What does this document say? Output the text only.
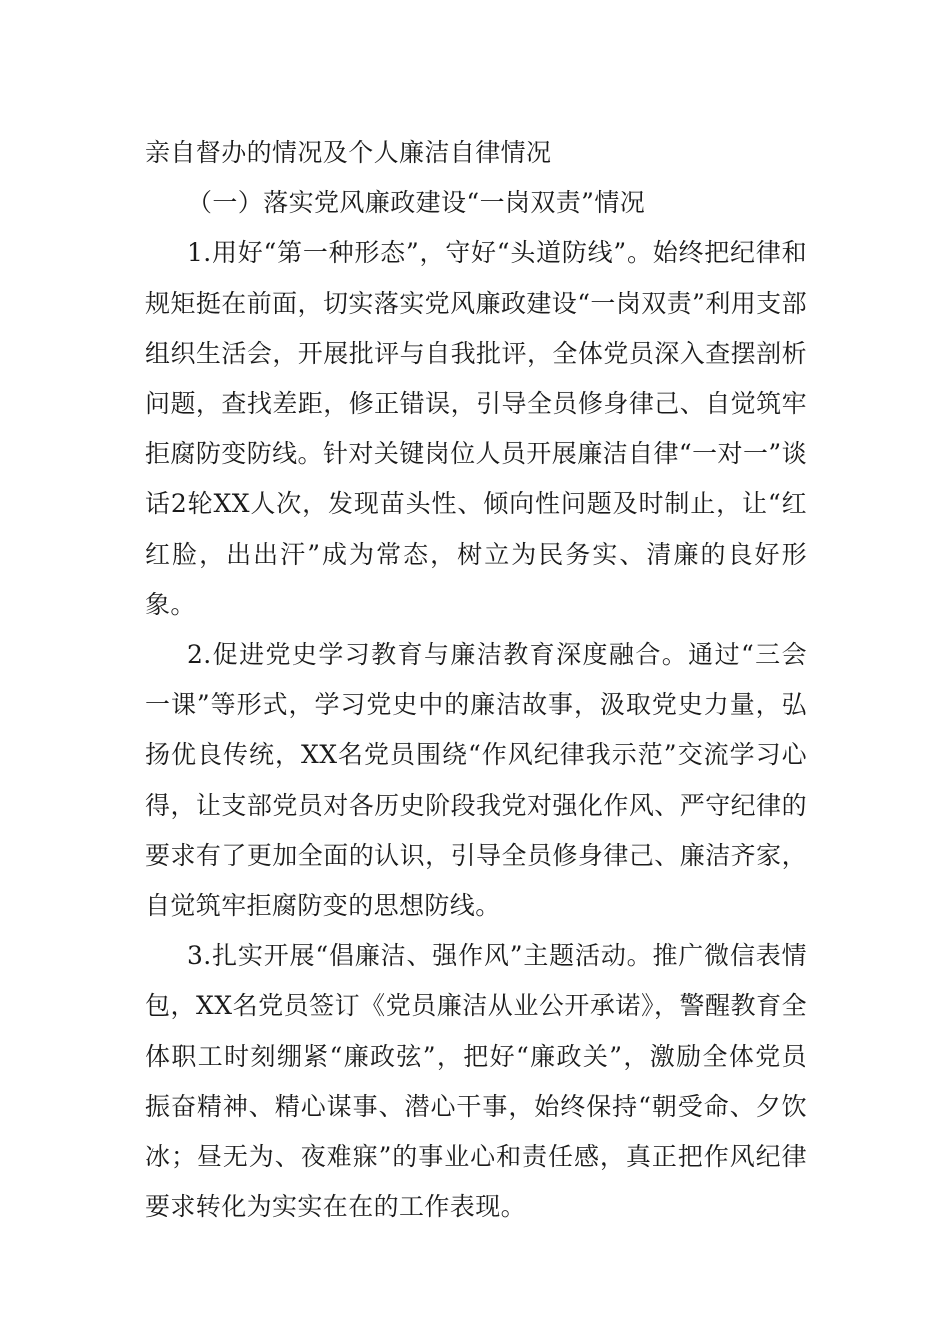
亲自督办的情况及个人廉洁自律情况

（一）落实党风廉政建设“一岗双责”情况

1.用好“第一种形态”，守好“头道防线”。始终把纪律和规矩挺在前面，切实落实党风廉政建设“一岗双责”利用支部组织生活会，开展批评与自我批评，全体党员深入查摆剖析问题，查找差距，修正错误，引导全员修身律己、自觉筑牢拒腐防变防线。针对关键岗位人员开展廉洁自律“一对一”谈话2轮XX人次，发现苗头性、倾向性问题及时制止，让“红红脸，出出汗”成为常态，树立为民务实、清廉的良好形象。

2.促进党史学习教育与廉洁教育深度融合。通过“三会一课”等形式，学习党史中的廉洁故事，汲取党史力量，弘扬优良传统，XX名党员围绕“作风纪律我示范”交流学习心得，让支部党员对各历史阶段我党对强化作风、严守纪律的要求有了更加全面的认识，引导全员修身律己、廉洁齐家，自觉筑牢拒腐防变的思想防线。

3.扎实开展“倡廉洁、强作风”主题活动。推广微信表情包，XX名党员签订《党员廉洁从业公开承诺》，警醒教育全体职工时刻绷紧“廉政弦”，把好“廉政关”，激励全体党员振奋精神、精心谋事、潜心干事，始终保持“朝受命、夕饮冰；昼无为、夜难寐”的事业心和责任感，真正把作风纪律要求转化为实实在在的工作表现。
